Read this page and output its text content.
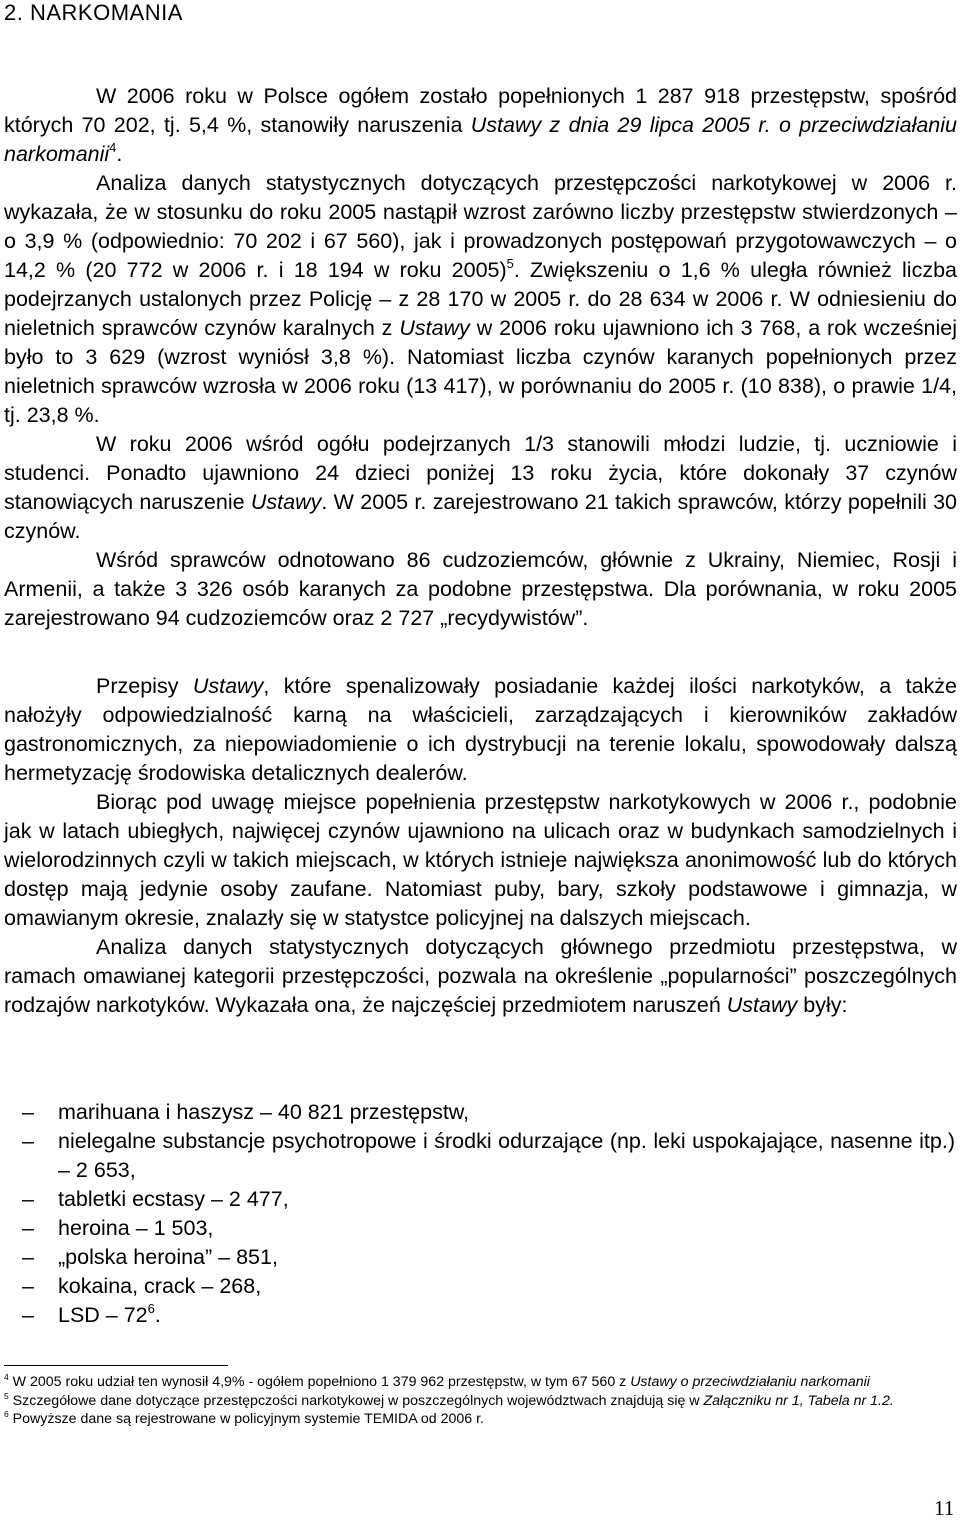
2. NARKOMANIA

W 2006 roku w Polsce ogółem zostało popełnionych 1 287 918 przestępstw, spośród których 70 202, tj. 5,4 %, stanowiły naruszenia Ustawy z dnia 29 lipca 2005 r. o przeciwdziałaniu narkomanii$^4$.

Analiza danych statystycznych dotyczących przestępczości narkotykowej w 2006 r. wykazała, że w stosunku do roku 2005 nastąpił wzrost zarówno liczby przestępstw stwierdzonych – o 3,9 % (odpowiednio: 70 202 i 67 560), jak i prowadzonych postępowań przygotowawczych – o 14,2 % (20 772 w 2006 r. i 18 194 w roku 2005)$^5$. Zwiększeniu o 1,6 % uległa również liczba podejrzanych ustalonych przez Policję – z 28 170 w 2005 r. do 28 634 w 2006 r. W odniesieniu do nieletnich sprawców czynów karalnych z Ustawy w 2006 roku ujawniono ich 3 768, a rok wcześniej było to 3 629 (wzrost wyniósł 3,8 %). Natomiast liczba czynów karanych popełnionych przez nieletnich sprawców wzrosła w 2006 roku (13 417), w porównaniu do 2005 r. (10 838), o prawie 1/4, tj. 23,8 %.

W roku 2006 wśród ogółu podejrzanych 1/3 stanowili młodzi ludzie, tj. uczniowie i studenci. Ponadto ujawniono 24 dzieci poniżej 13 roku życia, które dokonały 37 czynów stanowiących naruszenie Ustawy. W 2005 r. zarejestrowano 21 takich sprawców, którzy popełnili 30 czynów.

Wśród sprawców odnotowano 86 cudzoziemców, głównie z Ukrainy, Niemiec, Rosji i Armenii, a także 3 326 osób karanych za podobne przestępstwa. Dla porównania, w roku 2005 zarejestrowano 94 cudzoziemców oraz 2 727 „recydywistów”.

Przepisy Ustawy, które spenalizowały posiadanie każdej ilości narkotyków, a także nałożyły odpowiedzialność karną na właścicieli, zarządzających i kierowników zakładów gastronomicznych, za niepowiadomienie o ich dystrybucji na terenie lokalu, spowodowały dalszą hermetyzację środowiska detalicznych dealerów.

Biorąc pod uwagę miejsce popełnienia przestępstw narkotykowych w 2006 r., podobnie jak w latach ubiegłych, najwięcej czynów ujawniono na ulicach oraz w budynkach samodzielnych i wielorodzinnych czyli w takich miejscach, w których istnieje największa anonimowość lub do których dostęp mają jedynie osoby zaufane. Natomiast puby, bary, szkoły podstawowe i gimnazja, w omawianym okresie, znalazły się w statystce policyjnej na dalszych miejscach.

Analiza danych statystycznych dotyczących głównego przedmiotu przestępstwa, w ramach omawianej kategorii przestępczości, pozwala na określenie „popularności” poszczególnych rodzajów narkotyków. Wykazała ona, że najczęściej przedmiotem naruszeń Ustawy były:

– marihuana i haszysz – 40 821 przestępstw,
– nielegalne substancje psychotropowe i środki odurzające (np. leki uspokajające, nasenne itp.) – 2 653,
– tabletki ecstasy – 2 477,
– heroina – 1 503,
– „polska heroina” – 851,
– kokaina, crack – 268,
– LSD – $72^6$.

$^4$ W 2005 roku udział ten wynosił 4,9% - ogółem popełniono 1 379 962 przestępstw, w tym 67 560 z Ustawy o przeciwdziałaniu narkomanii

$^5$ Szczegółowe dane dotyczące przestępczości narkotykowej w poszczególnych województwach znajdują się w Załączniku nr 1, Tabela nr 1.2.

$^6$ Powyższe dane są rejestrowane w policyjnym systemie TEMIDA od 2006 r.

11
